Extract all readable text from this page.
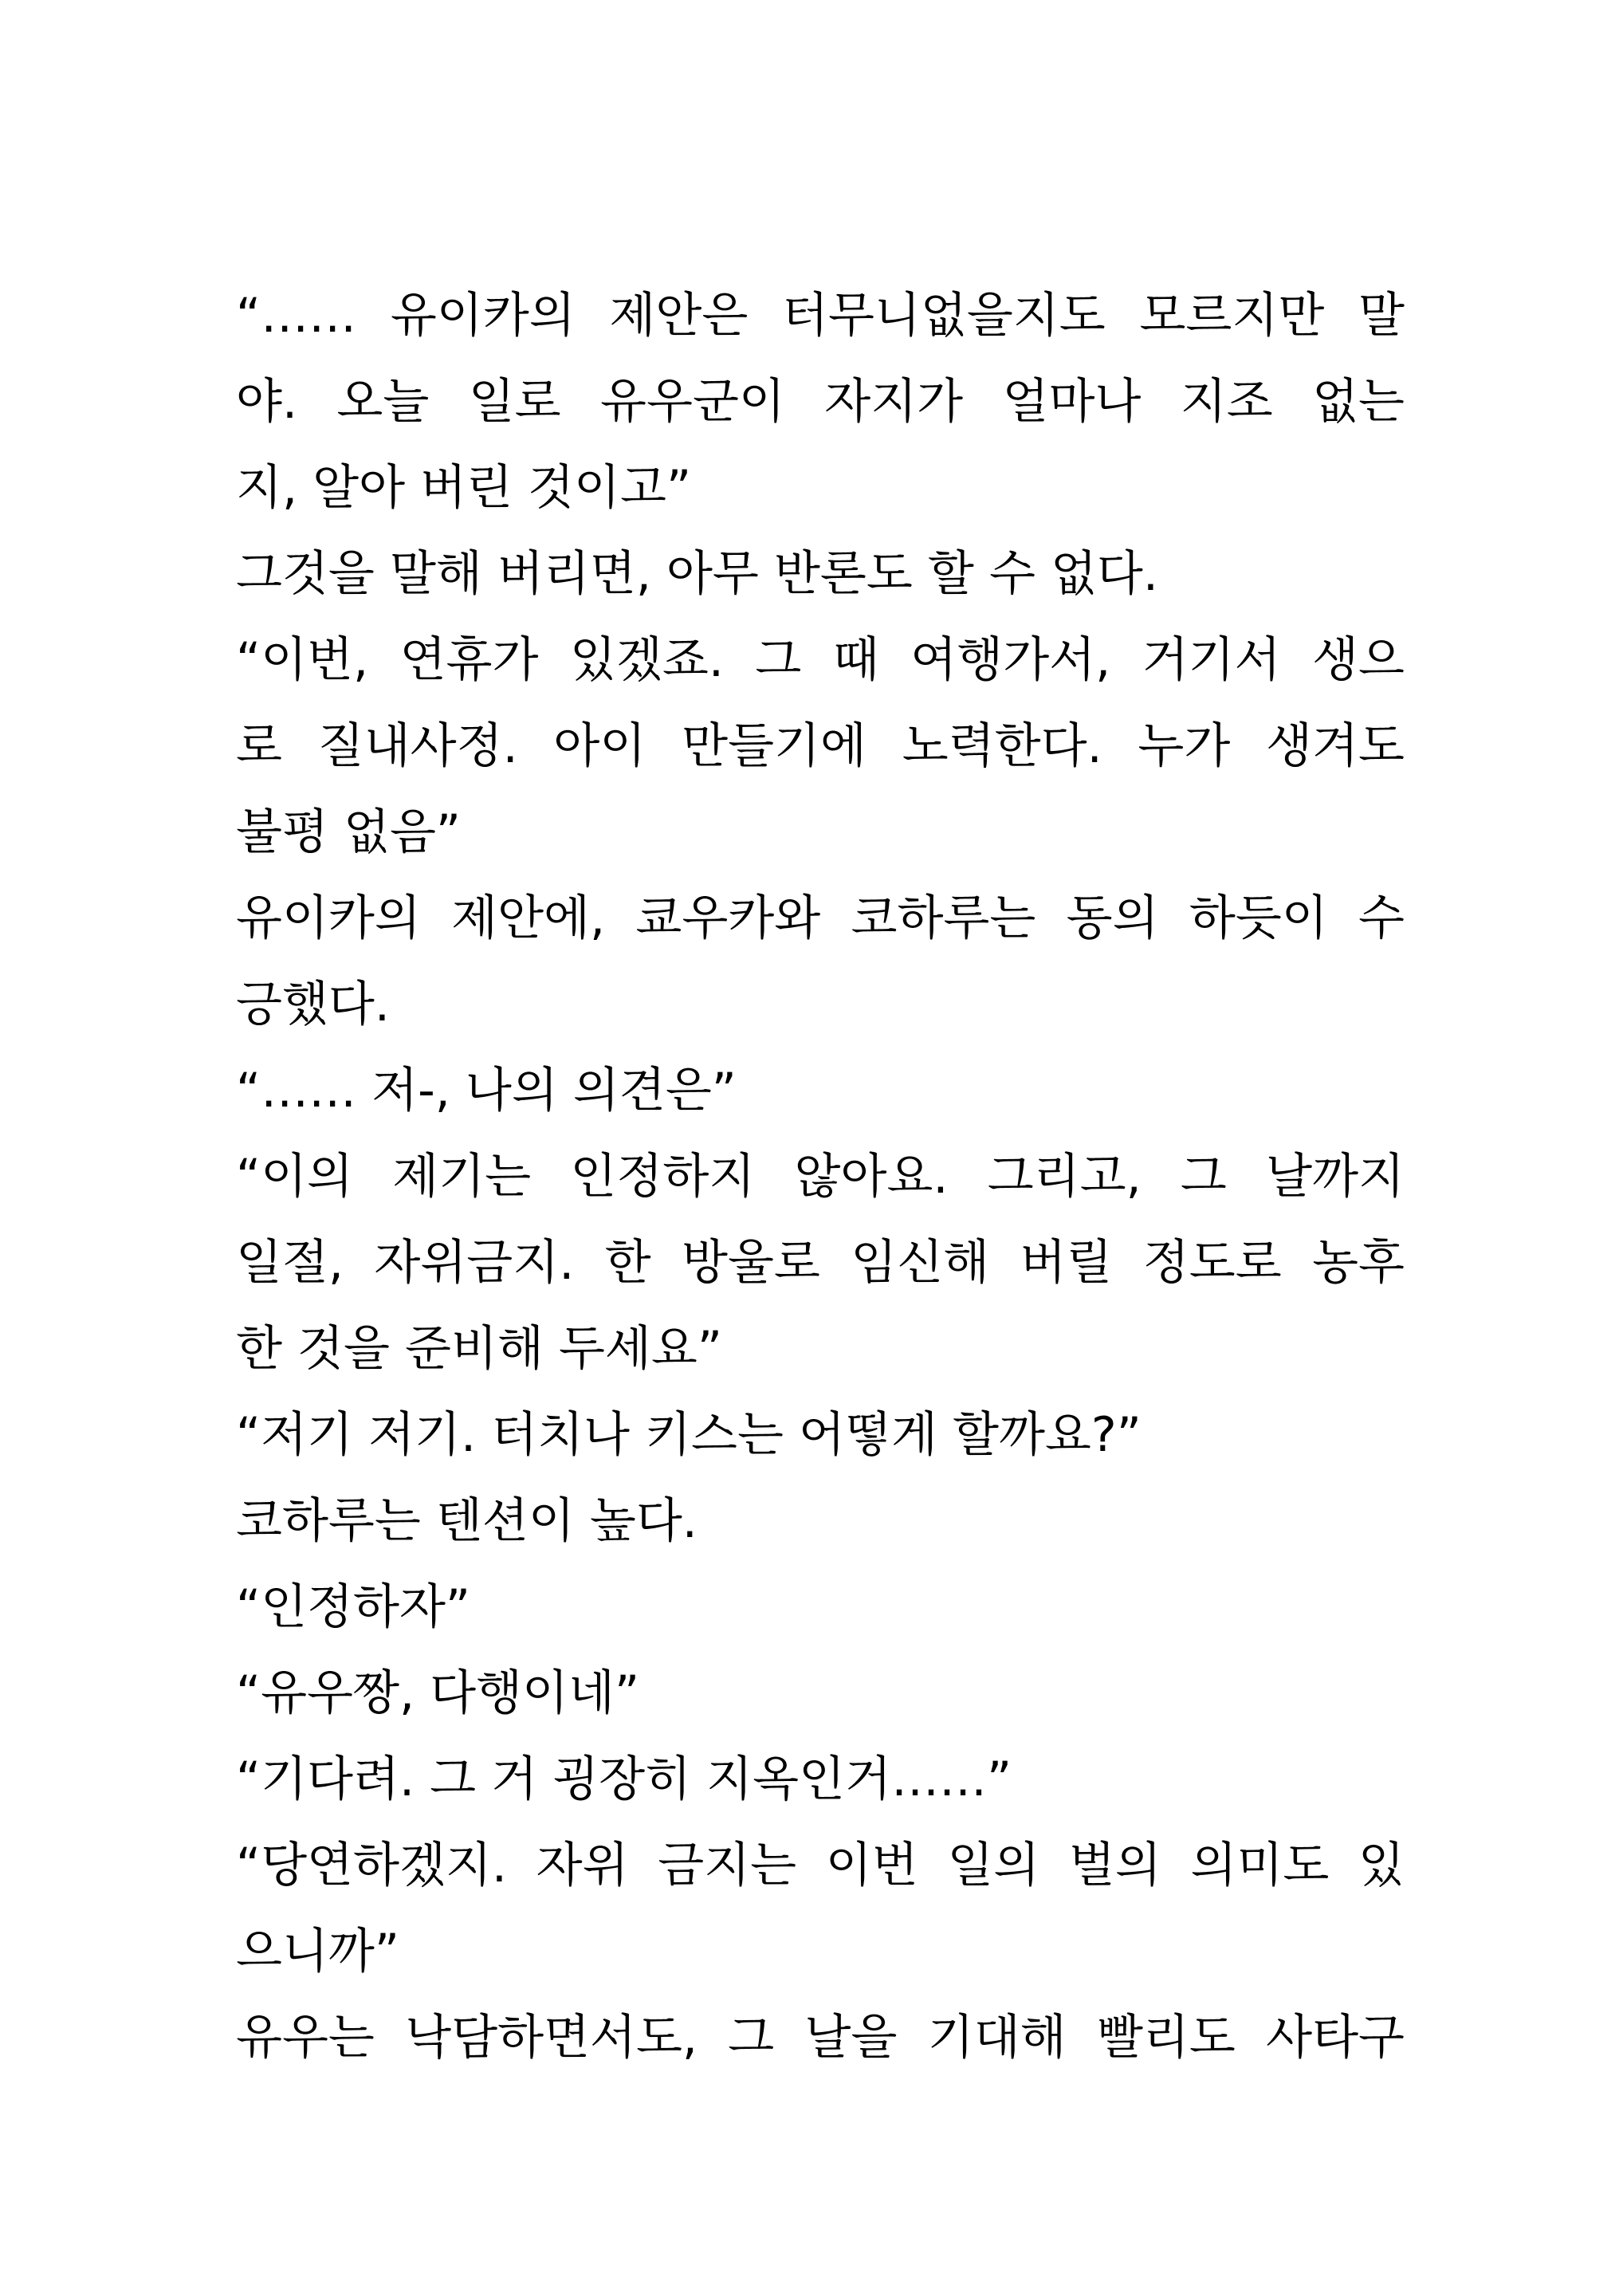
“…… 유이카의 제안은 터무니없을지도 모르지만 말
야. 오늘 일로 유우군이 자지가 얼마나 지조 없는
지, 알아 버린 것이고”
그것을 말해 버리면, 아무 반론도 할 수 없다.
“이번, 연휴가 있겠죠. 그 때 여행가서, 거기서 생으
로 질내사정. 아이 만들기에 노력한다. 누가 생겨도
불평 없음”
유이카의 제안에, 쿄우카와 코하루는 동의 하듯이 수
긍했다.
“…… 저-, 나의 의견은”
“이의 제기는 인정하지 않아요. 그리고, 그 날까지
일절, 자위금지. 한 방울로 임신해 버릴 정도로 농후
한 것을 준비해 두세요”
“저기 저기. 터치나 키스는 어떻게 할까요?”
코하루는 텐션이 높다.
“인정하자”
“유우짱, 다행이네”
“기다려. 그 거 굉장히 지옥인거……”
“당연하겠지. 자위 금지는 이번 일의 벌의 의미도 있
으니까”
유우는 낙담하면서도, 그 날을 기대해 빨리도 사타구
